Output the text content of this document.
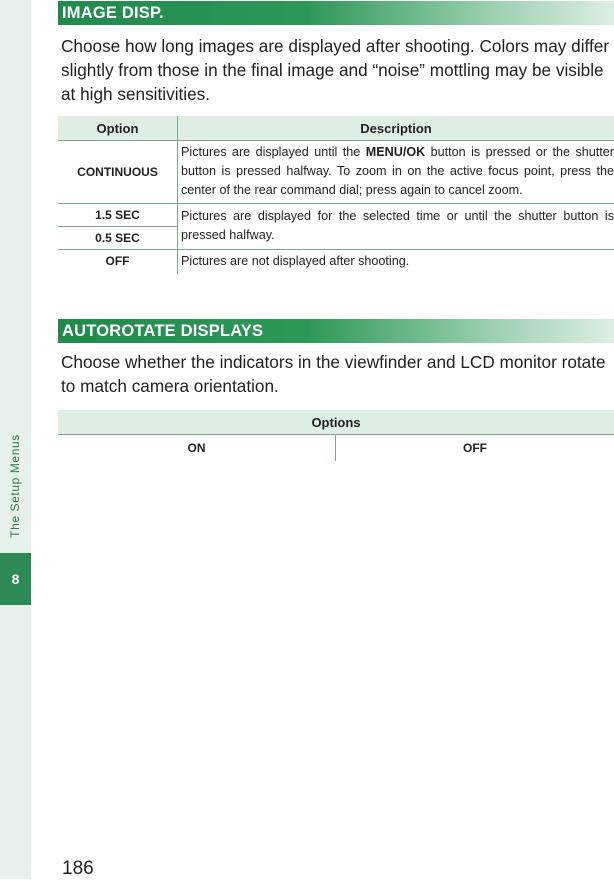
The Setup Menus
8
IMAGE DISP.

Choose how long images are displayed after shooting. Colors may differ slightly from those in the final image and “noise” mottling may be visible at high sensitivities.

Option	Description
CONTINUOUS	Pictures are displayed until the MENU/OK button is pressed or the shutter button is pressed halfway. To zoom in on the active focus point, press the center of the rear command dial; press again to cancel zoom.

1.5 SEC
0.5 SEC	Pictures are displayed for the selected time or until the shutter button is pressed halfway.
OFF	Pictures are not displayed after shooting.
AUTOROTATE DISPLAYS

Choose whether the indicators in the viewfinder and LCD monitor rotate to match camera orientation.

Options
ON	OFF
186
